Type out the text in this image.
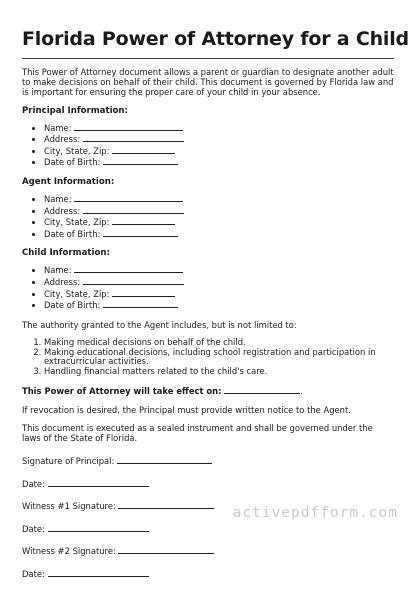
Florida Power of Attorney for a Child

This Power of Attorney document allows a parent or guardian to designate another adult to make decisions on behalf of their child. This document is governed by Florida law and is important for ensuring the proper care of your child in your absence.

Principal Information:
• Name:
• Address:
• City, State, Zip:
• Date of Birth:
Agent Information:
• Name:
• Address:
• City, State, Zip:
• Date of Birth:
Child Information:
• Name:
• Address:
• City, State, Zip:
• Date of Birth:

The authority granted to the Agent includes, but is not limited to:

1. Making medical decisions on behalf of the child.
2. Making educational decisions, including school registration and participation in extracurricular activities.
3. Handling financial matters related to the child's care.

This Power of Attorney will take effect on:	.

If revocation is desired, the Principal must provide written notice to the Agent.

This document is executed as a sealed instrument and shall be governed under the laws of the State of Florida.

Signature of Principal:
Date:
Witness #1 Signature:
Date:
Witness #2 Signature:
Date:
activepdfform.com
